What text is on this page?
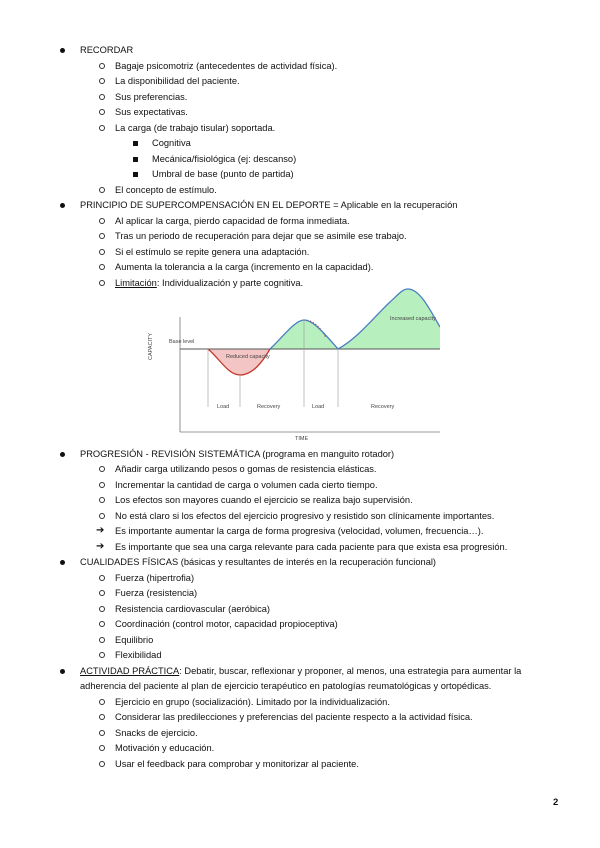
RECORDAR
Bagaje psicomotriz (antecedentes de actividad física).
La disponibilidad del paciente.
Sus preferencias.
Sus expectativas.
La carga (de trabajo tisular) soportada.
Cognitiva
Mecánica/fisiológica (ej: descanso)
Umbral de base (punto de partida)
El concepto de estímulo.
PRINCIPIO DE SUPERCOMPENSACIÓN EN EL DEPORTE = Aplicable en la recuperación
Al aplicar la carga, pierdo capacidad de forma inmediata.
Tras un periodo de recuperación para dejar que se asimile ese trabajo.
Si el estímulo se repite genera una adaptación.
Aumenta la tolerancia a la carga (incremento en la capacidad).
Limitación: Individualización y parte cognitiva.
CAPACITY
TIME
Base level
Reduced capacity
Increased capacity
Load	Recovery	Load	Recovery
PROGRESIÓN - REVISIÓN SISTEMÁTICA (programa en manguito rotador)
Añadir carga utilizando pesos o gomas de resistencia elásticas.
Incrementar la cantidad de carga o volumen cada cierto tiempo.
Los efectos son mayores cuando el ejercicio se realiza bajo supervisión.
No está claro si los efectos del ejercicio progresivo y resistido son clínicamente importantes.
➔ Es importante aumentar la carga de forma progresiva (velocidad, volumen, frecuencia…).
➔ Es importante que sea una carga relevante para cada paciente para que exista esa progresión.
CUALIDADES FÍSICAS (básicas y resultantes de interés en la recuperación funcional)
Fuerza (hipertrofia)
Fuerza (resistencia)
Resistencia cardiovascular (aeróbica)
Coordinación (control motor, capacidad propioceptiva)
Equilibrio
Flexibilidad
ACTIVIDAD PRÁCTICA: Debatir, buscar, reflexionar y proponer, al menos, una estrategia para aumentar la
adherencia del paciente al plan de ejercicio terapéutico en patologías reumatológicas y ortopédicas.
Ejercicio en grupo (socialización). Limitado por la individualización.
Considerar las predilecciones y preferencias del paciente respecto a la actividad física.
Snacks de ejercicio.
Motivación y educación.
Usar el feedback para comprobar y monitorizar al paciente.
2
